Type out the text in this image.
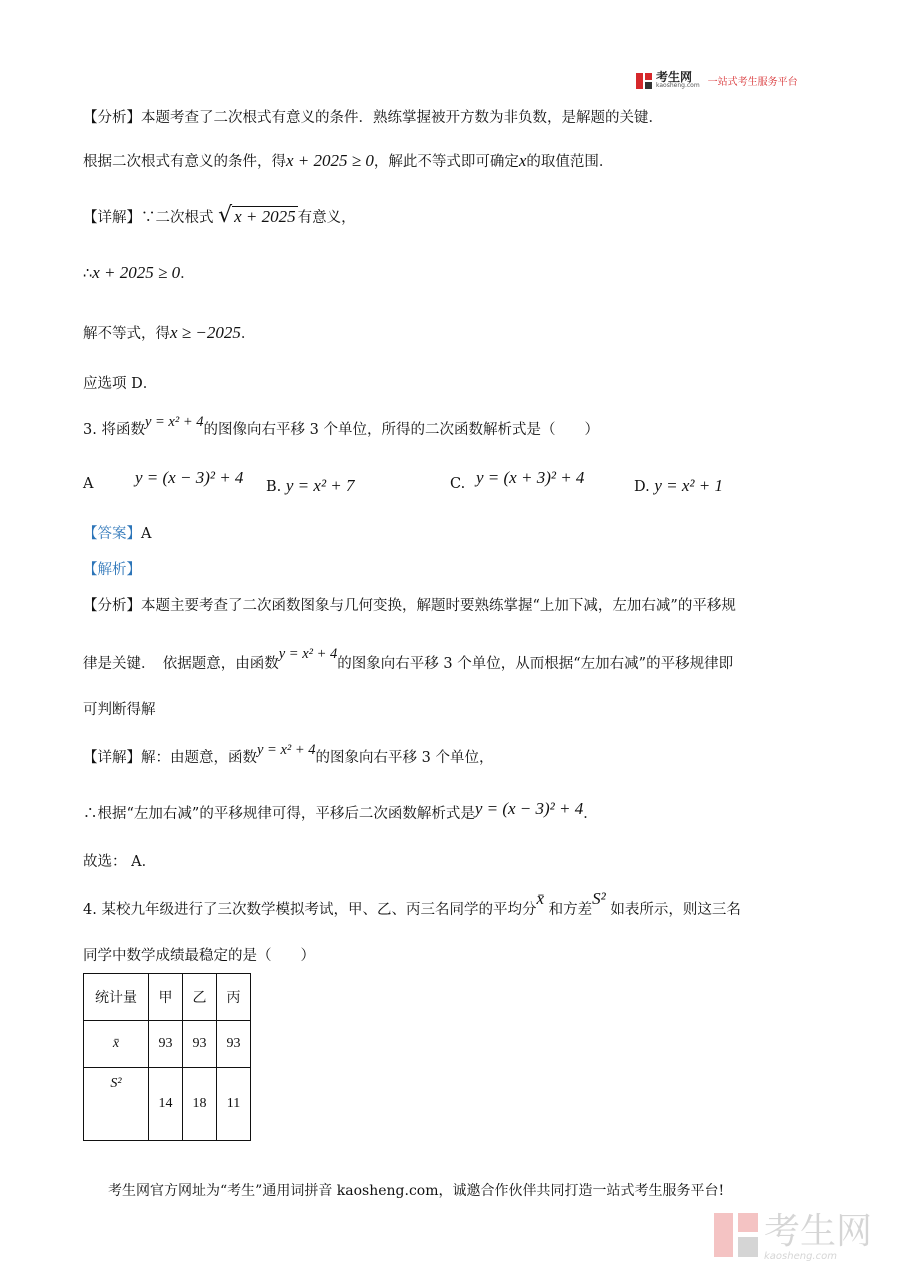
考生网
kaosheng.com 一站式考生服务平台
【分析】本题考查了二次根式有意义的条件．熟练掌握被开方数为非负数，是解题的关键．
根据二次根式有意义的条件，得x + 2025 ≥ 0，解此不等式即可确定x的取值范围．
【详解】∵二次根式 √ x + 2025 有意义，
∴x + 2025 ≥ 0．
解不等式，得x ≥ −2025．
应选项 D．
3. 将函数y = x² + 4的图像向右平移 3 个单位，所得的二次函数解析式是（　　）
A y = (x − 3)² + 4 B. y = x² + 7	C. y = (x + 3)² + 4	D. y = x² + 1
【答案】A
【解析】
【分析】本题主要考查了二次函数图象与几何变换，解题时要熟练掌握“上加下减，左加右减”的平移规
律是关键．　依据题意，由函数y = x² + 4的图象向右平移 3 个单位，从而根据“左加右减”的平移规律即
可判断得解
【详解】解：由题意，函数y = x² + 4的图象向右平移 3 个单位，
∴根据“左加右减”的平移规律可得，平移后二次函数解析式是y = (x − 3)² + 4．
故选： A．
4. 某校九年级进行了三次数学模拟考试，甲、乙、丙三名同学的平均分x̄ 和方差S² 如表所示，则这三名
同学中数学成绩最稳定的是（　　）
统计量	甲	乙	丙
x̄	93	93	93
S²	14	18	11
考生网官方网址为“考生”通用词拼音 kaosheng.com，诚邀合作伙伴共同打造一站式考生服务平台!
考生网
kaosheng.com
